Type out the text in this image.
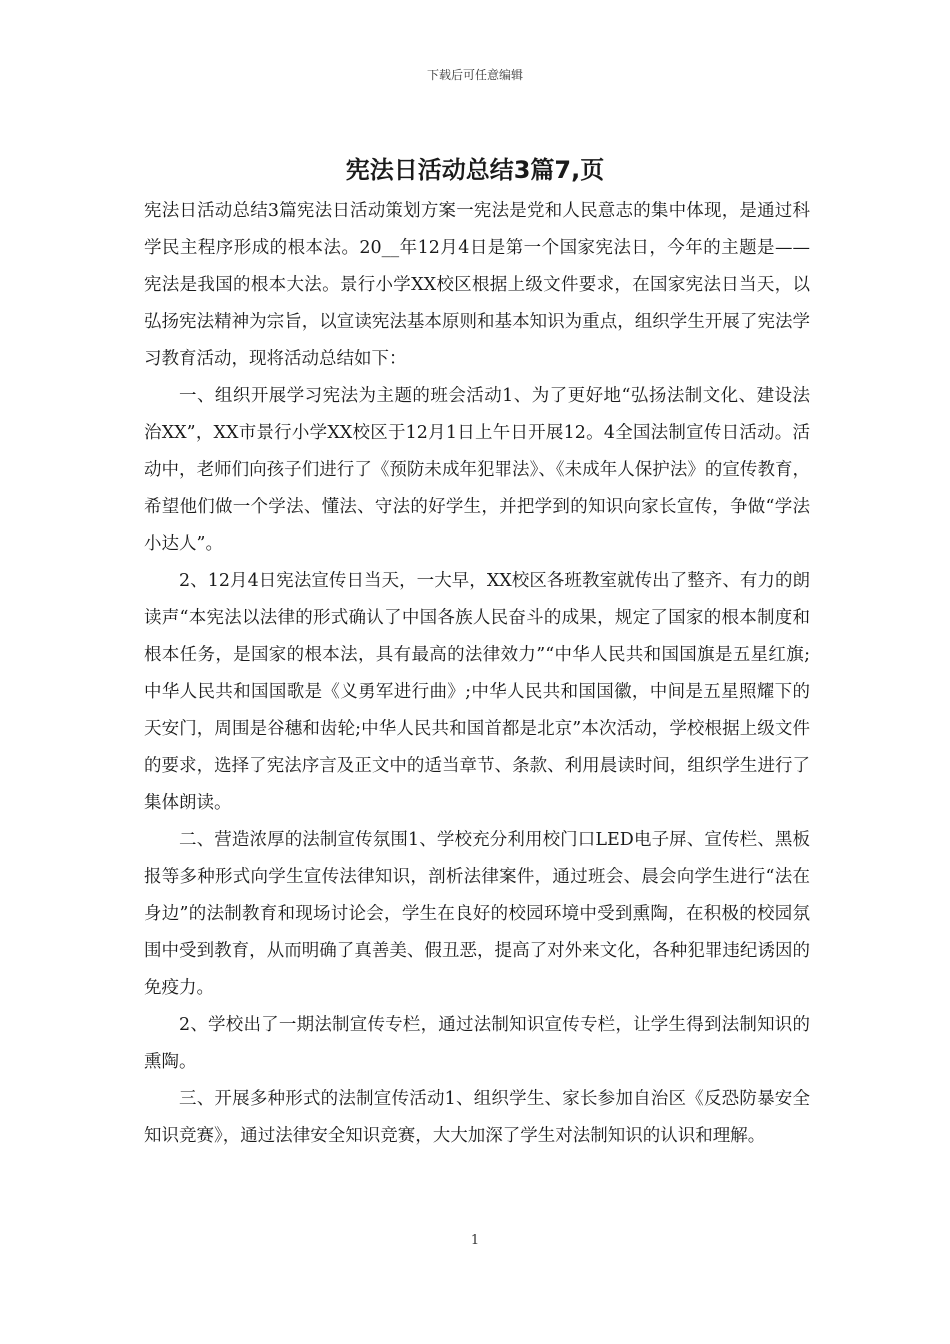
下载后可任意编辑
宪法日活动总结3篇7,页

宪法日活动总结3篇宪法日活动策划方案一宪法是党和人民意志的集中体现，是通过科学民主程序形成的根本法。20__年12月4日是第一个国家宪法日，今年的主题是——宪法是我国的根本大法。景行小学XX校区根据上级文件要求，在国家宪法日当天，以弘扬宪法精神为宗旨，以宣读宪法基本原则和基本知识为重点，组织学生开展了宪法学习教育活动，现将活动总结如下：

一、组织开展学习宪法为主题的班会活动1、为了更好地“弘扬法制文化、建设法治XX”，XX市景行小学XX校区于12月1日上午日开展12。4全国法制宣传日活动。活动中，老师们向孩子们进行了《预防未成年犯罪法》、《未成年人保护法》的宣传教育，希望他们做一个学法、懂法、守法的好学生，并把学到的知识向家长宣传，争做“学法小达人”。

2、12月4日宪法宣传日当天，一大早，XX校区各班教室就传出了整齐、有力的朗读声“本宪法以法律的形式确认了中国各族人民奋斗的成果，规定了国家的根本制度和根本任务，是国家的根本法，具有最高的法律效力”“中华人民共和国国旗是五星红旗;中华人民共和国国歌是《义勇军进行曲》;中华人民共和国国徽，中间是五星照耀下的天安门，周围是谷穗和齿轮;中华人民共和国首都是北京”本次活动，学校根据上级文件的要求，选择了宪法序言及正文中的适当章节、条款、利用晨读时间，组织学生进行了集体朗读。

二、营造浓厚的法制宣传氛围1、学校充分利用校门口LED电子屏、宣传栏、黑板报等多种形式向学生宣传法律知识，剖析法律案件，通过班会、晨会向学生进行“法在身边”的法制教育和现场讨论会，学生在良好的校园环境中受到熏陶，在积极的校园氛围中受到教育，从而明确了真善美、假丑恶，提高了对外来文化，各种犯罪违纪诱因的免疫力。

2、学校出了一期法制宣传专栏，通过法制知识宣传专栏，让学生得到法制知识的熏陶。

三、开展多种形式的法制宣传活动1、组织学生、家长参加自治区《反恐防暴安全知识竞赛》，通过法律安全知识竞赛，大大加深了学生对法制知识的认识和理解。

1
